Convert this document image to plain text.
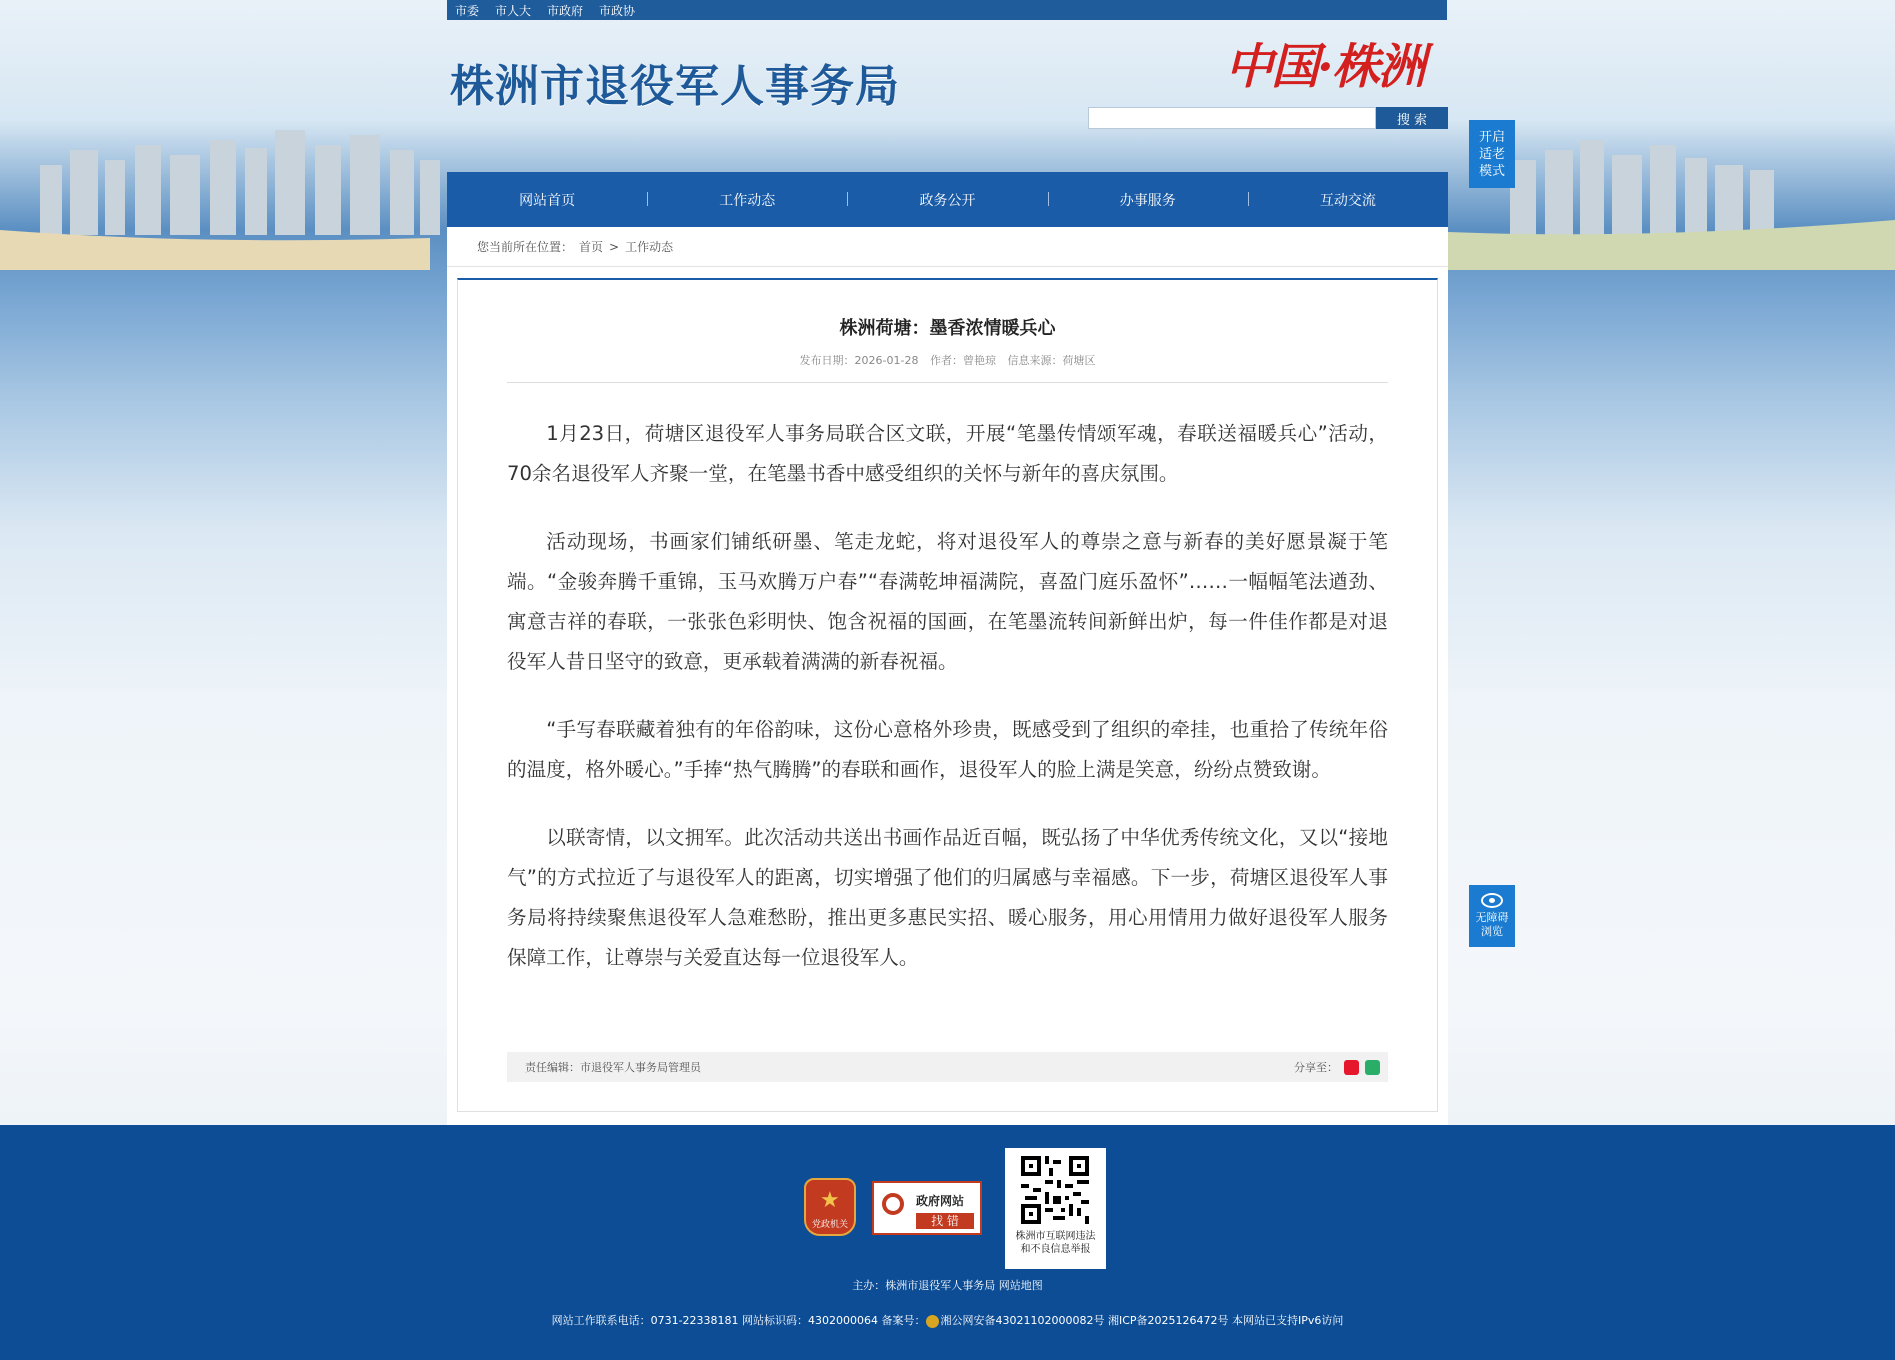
市委 市人大 市政府 市政协
株洲市退役军人事务局	中国·株洲
搜 索
开启适老模式
网站首页	工作动态	政务公开	办事服务	互动交流
您当前所在位置： 首页 > 工作动态
株洲荷塘：墨香浓情暖兵心
发布日期：2026-01-28 作者：曾艳琼 信息来源：荷塘区

1月23日，荷塘区退役军人事务局联合区文联，开展“笔墨传情颂军魂，春联送福暖兵心”活动，70余名退役军人齐聚一堂，在笔墨书香中感受组织的关怀与新年的喜庆氛围。

活动现场，书画家们铺纸研墨、笔走龙蛇，将对退役军人的尊崇之意与新春的美好愿景凝于笔端。“金骏奔腾千重锦，玉马欢腾万户春”“春满乾坤福满院，喜盈门庭乐盈怀”……一幅幅笔法遒劲、寓意吉祥的春联，一张张色彩明快、饱含祝福的国画，在笔墨流转间新鲜出炉，每一件佳作都是对退役军人昔日坚守的致意，更承载着满满的新春祝福。

“手写春联藏着独有的年俗韵味，这份心意格外珍贵，既感受到了组织的牵挂，也重拾了传统年俗的温度，格外暖心。”手捧“热气腾腾”的春联和画作，退役军人的脸上满是笑意，纷纷点赞致谢。

以联寄情，以文拥军。此次活动共送出书画作品近百幅，既弘扬了中华优秀传统文化，又以“接地气”的方式拉近了与退役军人的距离，切实增强了他们的归属感与幸福感。下一步，荷塘区退役军人事务局将持续聚焦退役军人急难愁盼，推出更多惠民实招、暖心服务，用心用情用力做好退役军人服务保障工作，让尊崇与关爱直达每一位退役军人。

责任编辑：市退役军人事务局管理员	分享至：
无障碍浏览
★
党政机关
政府网站
找 错
株洲市互联网违法
和不良信息举报
主办：株洲市退役军人事务局 网站地图
网站工作联系电话：0731-22338181 网站标识码：4302000064 备案号： 湘公网安备43021102000082号 湘ICP备2025126472号 本网站已支持IPv6访问
